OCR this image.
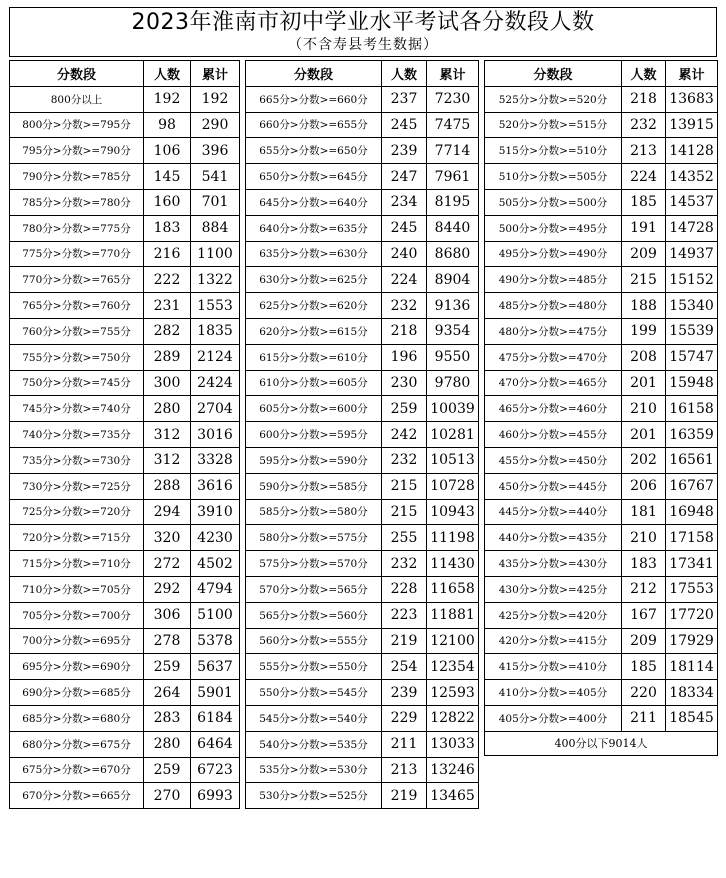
2023年淮南市初中学业水平考试各分数段人数
（不含寿县考生数据）
分数段	人数	累计
800分以上	192	192
800分>分数>=795分	98	290
795分>分数>=790分	106	396
790分>分数>=785分	145	541
785分>分数>=780分	160	701
780分>分数>=775分	183	884
775分>分数>=770分	216	1100
770分>分数>=765分	222	1322
765分>分数>=760分	231	1553
760分>分数>=755分	282	1835
755分>分数>=750分	289	2124
750分>分数>=745分	300	2424
745分>分数>=740分	280	2704
740分>分数>=735分	312	3016
735分>分数>=730分	312	3328
730分>分数>=725分	288	3616
725分>分数>=720分	294	3910
720分>分数>=715分	320	4230
715分>分数>=710分	272	4502
710分>分数>=705分	292	4794
705分>分数>=700分	306	5100
700分>分数>=695分	278	5378
695分>分数>=690分	259	5637
690分>分数>=685分	264	5901
685分>分数>=680分	283	6184
680分>分数>=675分	280	6464
675分>分数>=670分	259	6723
670分>分数>=665分	270	6993
分数段	人数	累计
665分>分数>=660分	237	7230
660分>分数>=655分	245	7475
655分>分数>=650分	239	7714
650分>分数>=645分	247	7961
645分>分数>=640分	234	8195
640分>分数>=635分	245	8440
635分>分数>=630分	240	8680
630分>分数>=625分	224	8904
625分>分数>=620分	232	9136
620分>分数>=615分	218	9354
615分>分数>=610分	196	9550
610分>分数>=605分	230	9780
605分>分数>=600分	259	10039
600分>分数>=595分	242	10281
595分>分数>=590分	232	10513
590分>分数>=585分	215	10728
585分>分数>=580分	215	10943
580分>分数>=575分	255	11198
575分>分数>=570分	232	11430
570分>分数>=565分	228	11658
565分>分数>=560分	223	11881
560分>分数>=555分	219	12100
555分>分数>=550分	254	12354
550分>分数>=545分	239	12593
545分>分数>=540分	229	12822
540分>分数>=535分	211	13033
535分>分数>=530分	213	13246
530分>分数>=525分	219	13465
分数段	人数	累计
525分>分数>=520分	218	13683
520分>分数>=515分	232	13915
515分>分数>=510分	213	14128
510分>分数>=505分	224	14352
505分>分数>=500分	185	14537
500分>分数>=495分	191	14728
495分>分数>=490分	209	14937
490分>分数>=485分	215	15152
485分>分数>=480分	188	15340
480分>分数>=475分	199	15539
475分>分数>=470分	208	15747
470分>分数>=465分	201	15948
465分>分数>=460分	210	16158
460分>分数>=455分	201	16359
455分>分数>=450分	202	16561
450分>分数>=445分	206	16767
445分>分数>=440分	181	16948
440分>分数>=435分	210	17158
435分>分数>=430分	183	17341
430分>分数>=425分	212	17553
425分>分数>=420分	167	17720
420分>分数>=415分	209	17929
415分>分数>=410分	185	18114
410分>分数>=405分	220	18334
405分>分数>=400分	211	18545
400分以下9014人		
